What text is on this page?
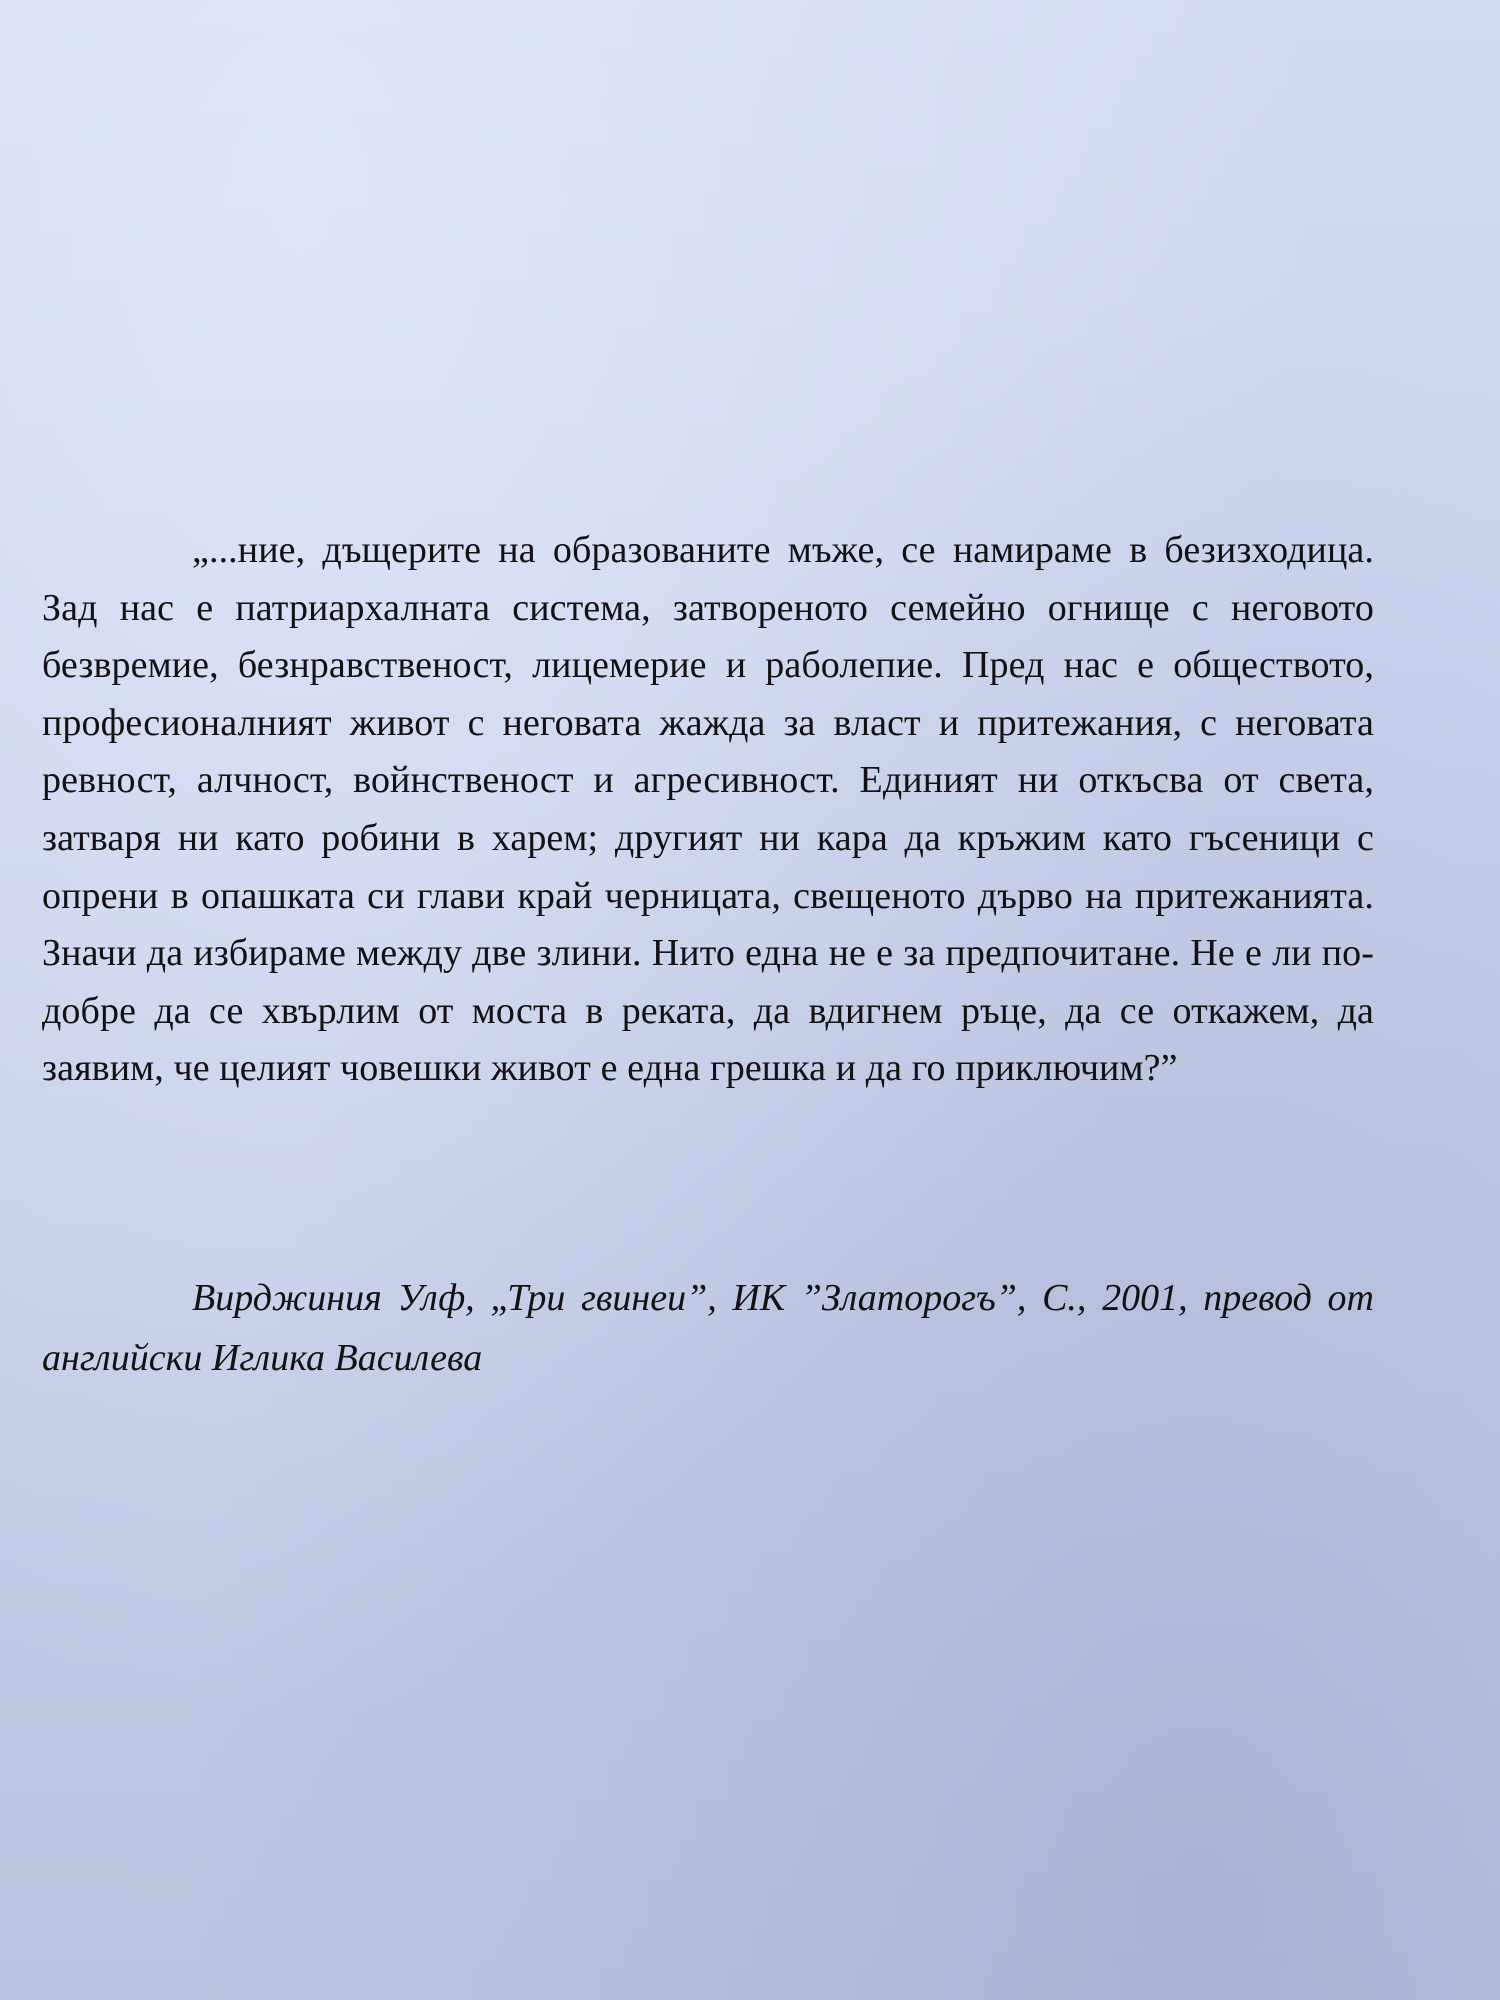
„...ние, дъщерите на образованите мъже, се намираме в безизходица. Зад нас е патриархалната система, затвореното семейно огнище с неговото безвремие, безнравственост, лицемерие и раболепие. Пред нас е обществото, професионалният живот с неговата жажда за власт и притежания, с неговата ревност, алчност, войнственост и агресивност. Единият ни откъсва от света, затваря ни като робини в харем; другият ни кара да кръжим като гъсеници с опрени в опашката си глави край черницата, свещеното дърво на притежанията. Значи да избираме между две злини. Нито една не е за предпочитане. Не е ли по-добре да се хвърлим от моста в реката, да вдигнем ръце, да се откажем, да заявим, че целият човешки живот е една грешка и да го приключим?”

Вирджиния Улф, „Три гвинеи”, ИК ”Златорогъ”, С., 2001, превод от английски Иглика Василева
